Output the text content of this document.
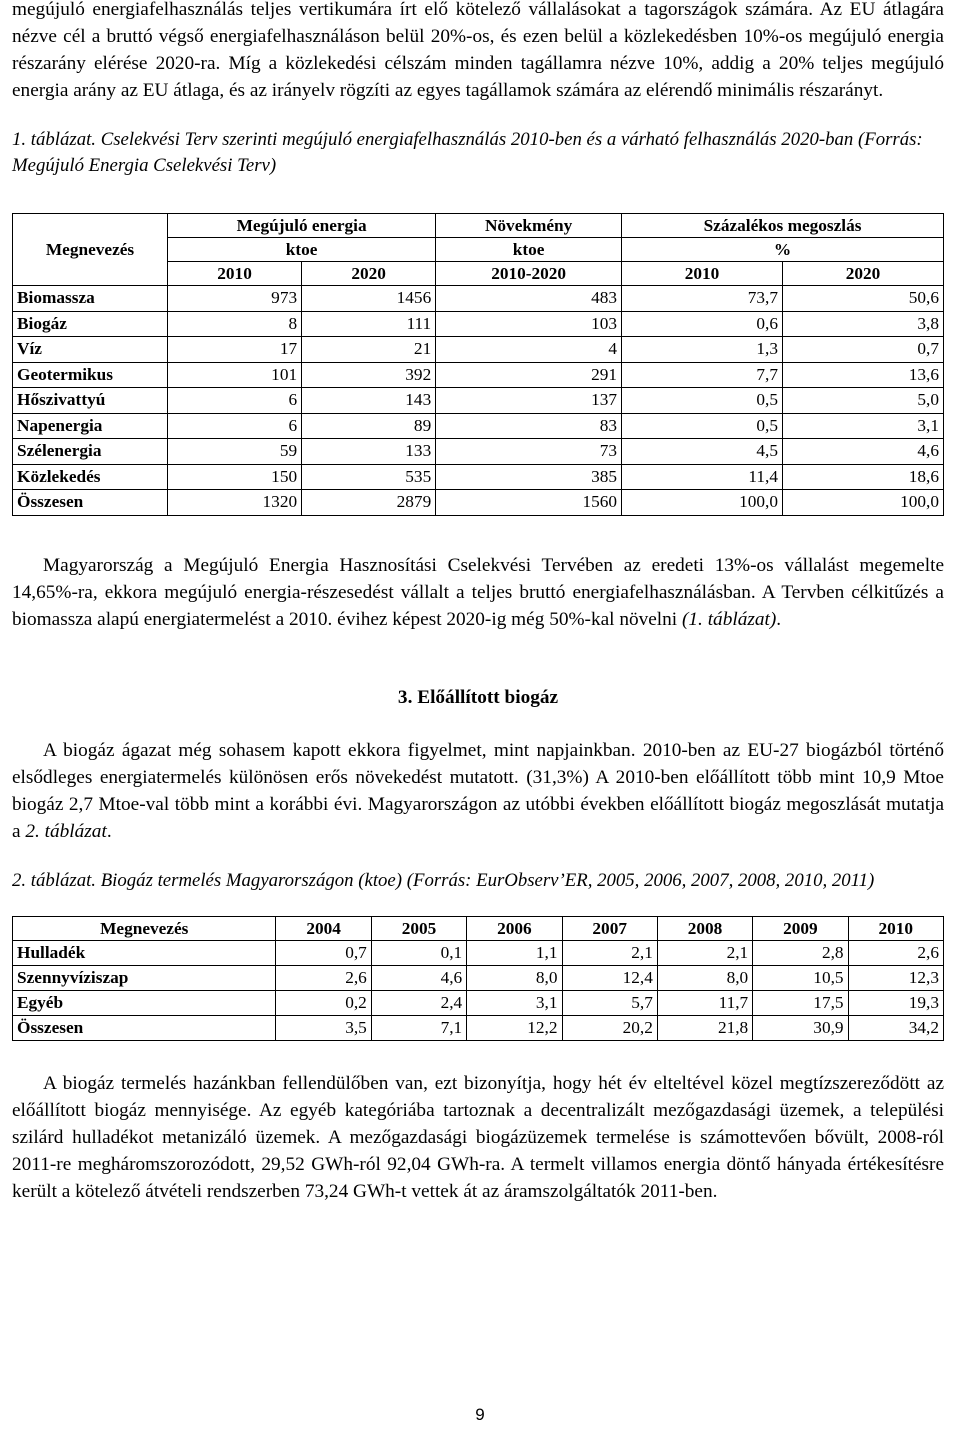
megújuló energiafelhasználás teljes vertikumára írt elő kötelező vállalásokat a tagországok számára. Az EU átlagára nézve cél a bruttó végső energiafelhasználáson belül 20%-os, és ezen belül a közlekedésben 10%-os megújuló energia részarány elérése 2020-ra. Míg a közlekedési célszám minden tagállamra nézve 10%, addig a 20% teljes megújuló energia arány az EU átlaga, és az irányelv rögzíti az egyes tagállamok számára az elérendő minimális részarányt.

1. táblázat. Cselekvési Terv szerinti megújuló energiafelhasználás 2010-ben és a várható felhasználás 2020-ban (Forrás: Megújuló Energia Cselekvési Terv)

Megnevezés	Megújuló energia		Növekmény	Százalékos megoszlás	
	ktoe		ktoe	%	
	2010	2020	2010-2020	2010	2020
Biomassza	973	1456	483	73,7	50,6
Biogáz	8	111	103	0,6	3,8
Víz	17	21	4	1,3	0,7
Geotermikus	101	392	291	7,7	13,6
Hőszivattyú	6	143	137	0,5	5,0
Napenergia	6	89	83	0,5	3,1
Szélenergia	59	133	73	4,5	4,6
Közlekedés	150	535	385	11,4	18,6
Összesen	1320	2879	1560	100,0	100,0

Magyarország a Megújuló Energia Hasznosítási Cselekvési Tervében az eredeti 13%-os vállalást megemelte 14,65%-ra, ekkora megújuló energia-részesedést vállalt a teljes bruttó energiafelhasználásban. A Tervben célkitűzés a biomassza alapú energiatermelést a 2010. évihez képest 2020-ig még 50%-kal növelni (1. táblázat).

3. Előállított biogáz

A biogáz ágazat még sohasem kapott ekkora figyelmet, mint napjainkban. 2010-ben az EU-27 biogázból történő elsődleges energiatermelés különösen erős növekedést mutatott. (31,3%) A 2010-ben előállított több mint 10,9 Mtoe biogáz 2,7 Mtoe-val több mint a korábbi évi. Magyarországon az utóbbi években előállított biogáz megoszlását mutatja a 2. táblázat.

2. táblázat. Biogáz termelés Magyarországon (ktoe) (Forrás: EurObserv’ER, 2005, 2006, 2007, 2008, 2010, 2011)

Megnevezés	2004	2005	2006	2007	2008	2009	2010
Hulladék	0,7	0,1	1,1	2,1	2,1	2,8	2,6
Szennyvíziszap	2,6	4,6	8,0	12,4	8,0	10,5	12,3
Egyéb	0,2	2,4	3,1	5,7	11,7	17,5	19,3
Összesen	3,5	7,1	12,2	20,2	21,8	30,9	34,2

A biogáz termelés hazánkban fellendülőben van, ezt bizonyítja, hogy hét év elteltével közel megtízszereződött az előállított biogáz mennyisége. Az egyéb kategóriába tartoznak a decentralizált mezőgazdasági üzemek, a települési szilárd hulladékot metanizáló üzemek. A mezőgazdasági biogázüzemek termelése is számottevően bővült, 2008-ról 2011-re megháromszorozódott, 29,52 GWh-ról 92,04 GWh-ra. A termelt villamos energia döntő hányada értékesítésre került a kötelező átvételi rendszerben 73,24 GWh-t vettek át az áramszolgáltatók 2011-ben.

9
